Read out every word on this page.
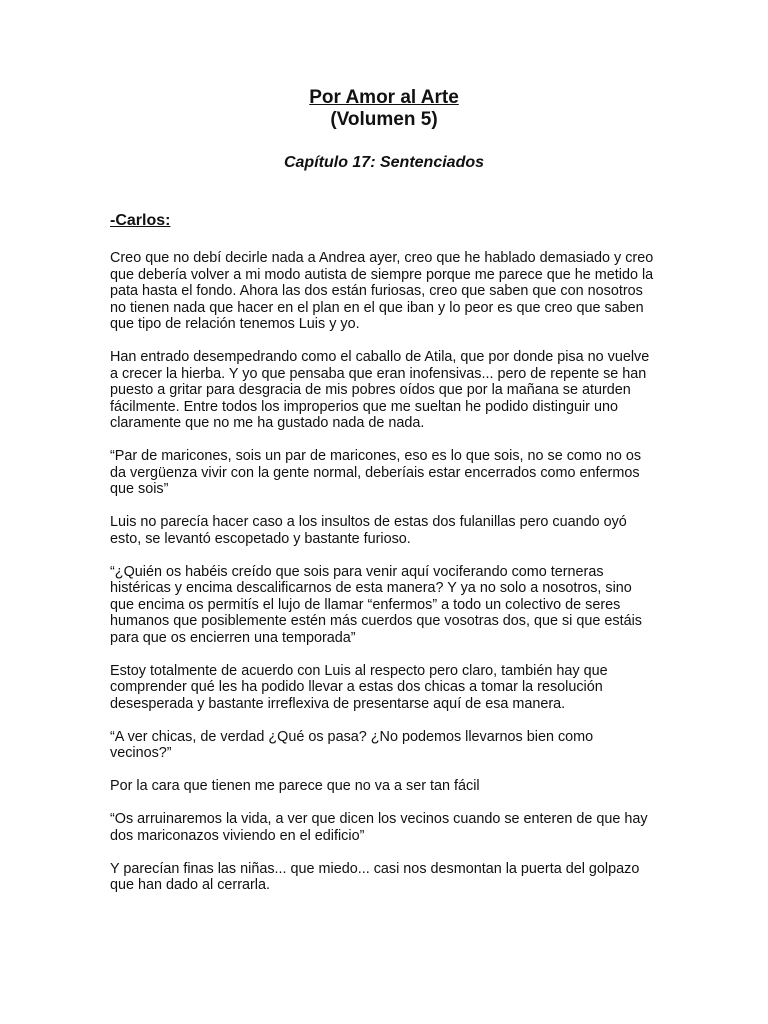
Por Amor al Arte

(Volumen 5)

Capítulo 17: Sentenciados

-Carlos:

Creo que no debí decirle nada a Andrea ayer, creo que he hablado demasiado y creo que debería volver a mi modo autista de siempre porque me parece que he metido la pata hasta el fondo. Ahora las dos están furiosas, creo que saben que con nosotros no tienen nada que hacer en el plan en el que iban y lo peor es que creo que saben que tipo de relación tenemos Luis y yo.

Han entrado desempedrando como el caballo de Atila, que por donde pisa no vuelve a crecer la hierba. Y yo que pensaba que eran inofensivas... pero de repente se han puesto a gritar para desgracia de mis pobres oídos que por la mañana se aturden fácilmente. Entre todos los improperios que me sueltan he podido distinguir uno claramente que no me ha gustado nada de nada.

“Par de maricones, sois un par de maricones, eso es lo que sois, no se como no os da vergüenza vivir con la gente normal, deberíais estar encerrados como enfermos que sois”

Luis no parecía hacer caso a los insultos de estas dos fulanillas pero cuando oyó esto, se levantó escopetado y bastante furioso.

“¿Quién os habéis creído que sois para venir aquí vociferando como terneras histéricas y encima descalificarnos de esta manera? Y ya no solo a nosotros, sino que encima os permitís el lujo de llamar “enfermos” a todo un colectivo de seres humanos que posiblemente estén más cuerdos que vosotras dos, que si que estáis para que os encierren una temporada”

Estoy totalmente de acuerdo con Luis al respecto pero claro, también hay que comprender qué les ha podido llevar a estas dos chicas a tomar la resolución desesperada y bastante irreflexiva de presentarse aquí de esa manera.

“A ver chicas, de verdad ¿Qué os pasa? ¿No podemos llevarnos bien como vecinos?”

Por la cara que tienen me parece que no va a ser tan fácil

“Os arruinaremos la vida, a ver que dicen los vecinos cuando se enteren de que hay dos mariconazos viviendo en el edificio”

Y parecían finas las niñas... que miedo... casi nos desmontan la puerta del golpazo que han dado al cerrarla.
